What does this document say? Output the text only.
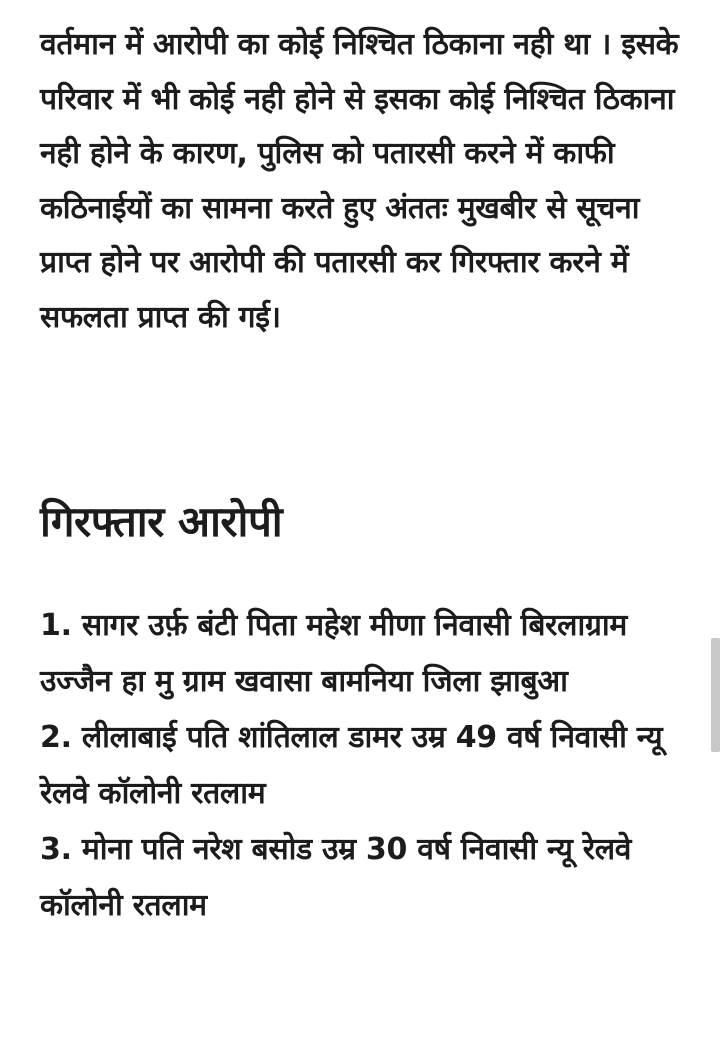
वर्तमान में आरोपी का कोई निश्चित ठिकाना नही था । इसके परिवार में भी कोई नही होने से इसका कोई निश्चित ठिकाना नही होने के कारण, पुलिस को पतारसी करने में काफी कठिनाईयों का सामना करते हुए अंततः मुखबीर से सूचना प्राप्त होने पर आरोपी की पतारसी कर गिरफ्तार करने में सफलता प्राप्त की गई।

गिरफ्तार आरोपी
1. सागर उर्फ़ बंटी पिता महेश मीणा निवासी बिरलाग्राम उज्जैन हा मु ग्राम खवासा बामनिया जिला झाबुआ
2. लीलाबाई पति शांतिलाल डामर उम्र 49 वर्ष निवासी न्यू रेलवे कॉलोनी रतलाम
3. मोना पति नरेश बसोड उम्र 30 वर्ष निवासी न्यू रेलवे कॉलोनी रतलाम
